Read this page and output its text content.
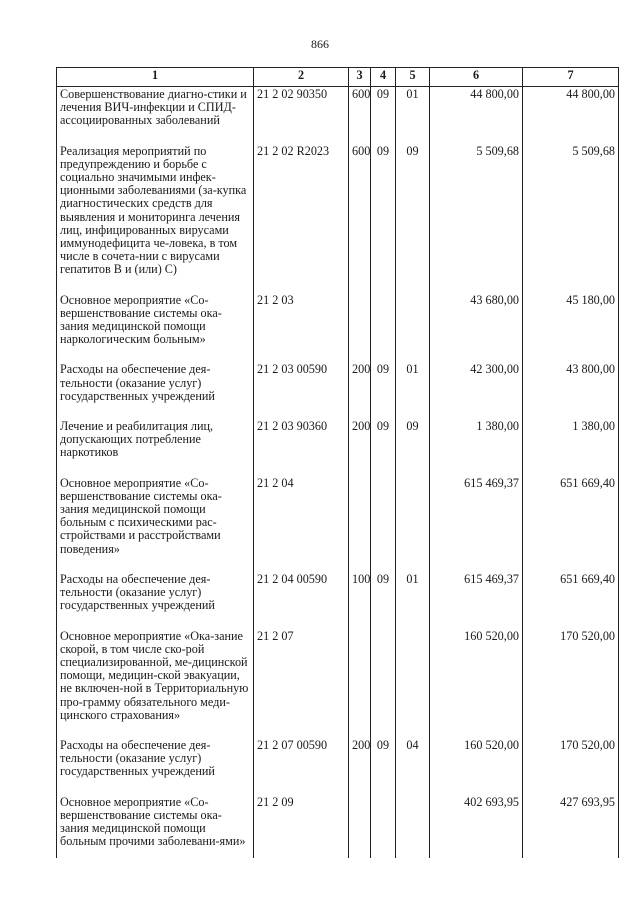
866
1	2	3	4	5	6	7
Совершенствование диагно-стики и лечения ВИЧ-инфекции и СПИД-ассоциированных заболеваний	21 2 02 90350	600	09	01	44 800,00	44 800,00
Реализация мероприятий по предупреждению и борьбе с социально значимыми инфек-ционными заболеваниями (за-купка диагностических средств для выявления и мониторинга лечения лиц, инфицированных вирусами иммунодефицита че-ловека, в том числе в сочета-нии с вирусами гепатитов В и (или) С)	21 2 02 R2023	600	09	09	5 509,68	5 509,68
Основное мероприятие «Со-вершенствование системы ока-зания медицинской помощи наркологическим больным»	21 2 03				43 680,00	45 180,00
Расходы на обеспечение дея-тельности (оказание услуг) государственных учреждений	21 2 03 00590	200	09	01	42 300,00	43 800,00
Лечение и реабилитация лиц, допускающих потребление наркотиков	21 2 03 90360	200	09	09	1 380,00	1 380,00
Основное мероприятие «Со-вершенствование системы ока-зания медицинской помощи больным с психическими рас-стройствами и расстройствами поведения»	21 2 04				615 469,37	651 669,40
Расходы на обеспечение дея-тельности (оказание услуг) государственных учреждений	21 2 04 00590	100	09	01	615 469,37	651 669,40
Основное мероприятие «Ока-зание скорой, в том числе ско-рой специализированной, ме-дицинской помощи, медицин-ской эвакуации, не включен-ной в Территориальную про-грамму обязательного меди-цинского страхования»	21 2 07				160 520,00	170 520,00
Расходы на обеспечение дея-тельности (оказание услуг) государственных учреждений	21 2 07 00590	200	09	04	160 520,00	170 520,00
Основное мероприятие «Со-вершенствование системы ока-зания медицинской помощи больным прочими заболевани-ями»	21 2 09				402 693,95	427 693,95
